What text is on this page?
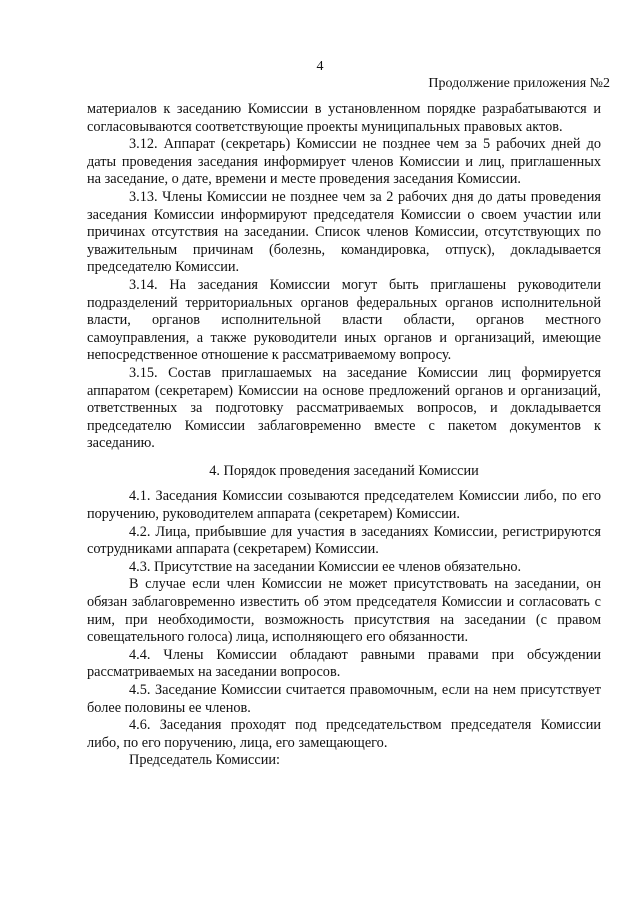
4
Продолжение приложения №2

материалов к заседанию Комиссии в установленном порядке разрабатываются и согласовываются соответствующие проекты муниципальных правовых актов.

3.12. Аппарат (секретарь) Комиссии не позднее чем за 5 рабочих дней до даты проведения заседания информирует членов Комиссии и лиц, приглашенных на заседание, о дате, времени и месте проведения заседания Комиссии.

3.13. Члены Комиссии не позднее чем за 2 рабочих дня до даты проведения заседания Комиссии информируют председателя Комиссии о своем участии или причинах отсутствия на заседании. Список членов Комиссии, отсутствующих по уважительным причинам (болезнь, командировка, отпуск), докладывается председателю Комиссии.

3.14. На заседания Комиссии могут быть приглашены руководители подразделений территориальных органов федеральных органов исполнительной власти, органов исполнительной власти области, органов местного самоуправления, а также руководители иных органов и организаций, имеющие непосредственное отношение к рассматриваемому вопросу.

3.15. Состав приглашаемых на заседание Комиссии лиц формируется аппаратом (секретарем) Комиссии на основе предложений органов и организаций, ответственных за подготовку рассматриваемых вопросов, и докладывается председателю Комиссии заблаговременно вместе с пакетом документов к заседанию.

4. Порядок проведения заседаний Комиссии

4.1. Заседания Комиссии созываются председателем Комиссии либо, по его поручению, руководителем аппарата (секретарем) Комиссии.

4.2. Лица, прибывшие для участия в заседаниях Комиссии, регистрируются сотрудниками аппарата (секретарем) Комиссии.

4.3. Присутствие на заседании Комиссии ее членов обязательно.

В случае если член Комиссии не может присутствовать на заседании, он обязан заблаговременно известить об этом председателя Комиссии и согласовать с ним, при необходимости, возможность присутствия на заседании (с правом совещательного голоса) лица, исполняющего его обязанности.

4.4. Члены Комиссии обладают равными правами при обсуждении рассматриваемых на заседании вопросов.

4.5. Заседание Комиссии считается правомочным, если на нем присутствует более половины ее членов.

4.6. Заседания проходят под председательством председателя Комиссии либо, по его поручению, лица, его замещающего.

Председатель Комиссии:
